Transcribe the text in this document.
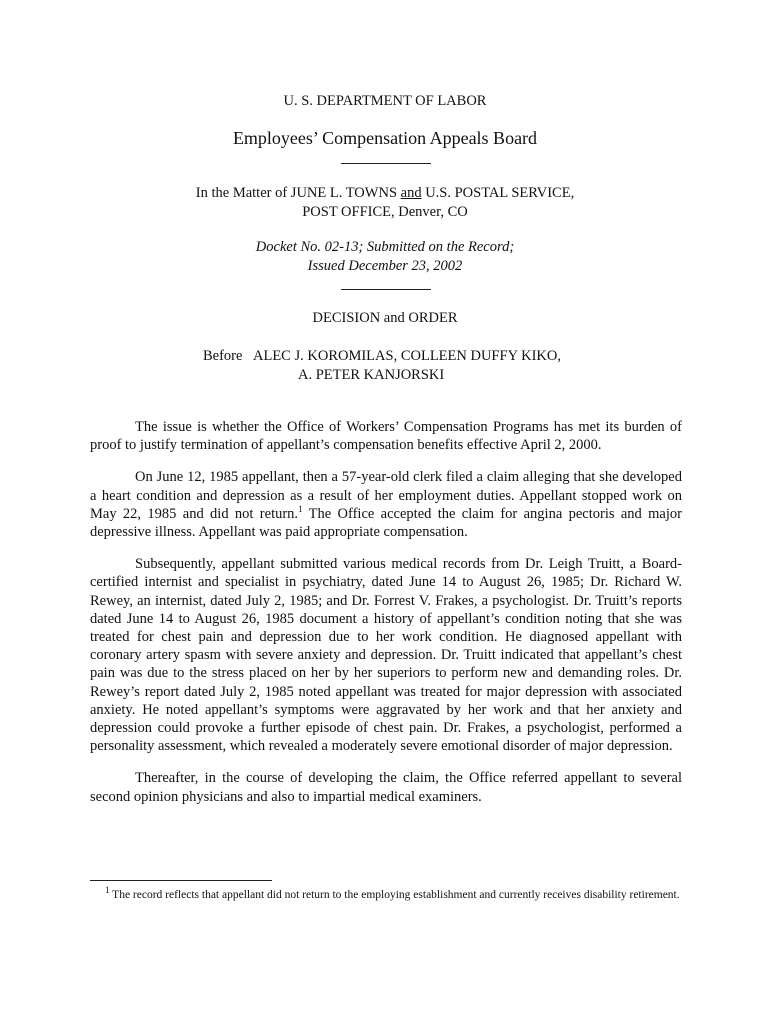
U. S. DEPARTMENT OF LABOR
Employees’ Compensation Appeals Board
In the Matter of JUNE L. TOWNS and U.S. POSTAL SERVICE,
POST OFFICE, Denver, CO
Docket No. 02-13; Submitted on the Record;
Issued December 23, 2002
DECISION and ORDER
Before ALEC J. KOROMILAS, COLLEEN DUFFY KIKO,
A. PETER KANJORSKI

The issue is whether the Office of Workers’ Compensation Programs has met its burden of proof to justify termination of appellant’s compensation benefits effective April 2, 2000.

On June 12, 1985 appellant, then a 57-year-old clerk filed a claim alleging that she developed a heart condition and depression as a result of her employment duties. Appellant stopped work on May 22, 1985 and did not return.$^1$ The Office accepted the claim for angina pectoris and major depressive illness. Appellant was paid appropriate compensation.

Subsequently, appellant submitted various medical records from Dr. Leigh Truitt, a Board-certified internist and specialist in psychiatry, dated June 14 to August 26, 1985; Dr. Richard W. Rewey, an internist, dated July 2, 1985; and Dr. Forrest V. Frakes, a psychologist. Dr. Truitt’s reports dated June 14 to August 26, 1985 document a history of appellant’s condition noting that she was treated for chest pain and depression due to her work condition. He diagnosed appellant with coronary artery spasm with severe anxiety and depression. Dr. Truitt indicated that appellant’s chest pain was due to the stress placed on her by her superiors to perform new and demanding roles. Dr. Rewey’s report dated July 2, 1985 noted appellant was treated for major depression with associated anxiety. He noted appellant’s symptoms were aggravated by her work and that her anxiety and depression could provoke a further episode of chest pain. Dr. Frakes, a psychologist, performed a personality assessment, which revealed a moderately severe emotional disorder of major depression.

Thereafter, in the course of developing the claim, the Office referred appellant to several second opinion physicians and also to impartial medical examiners.

$^1$ The record reflects that appellant did not return to the employing establishment and currently receives disability retirement.
